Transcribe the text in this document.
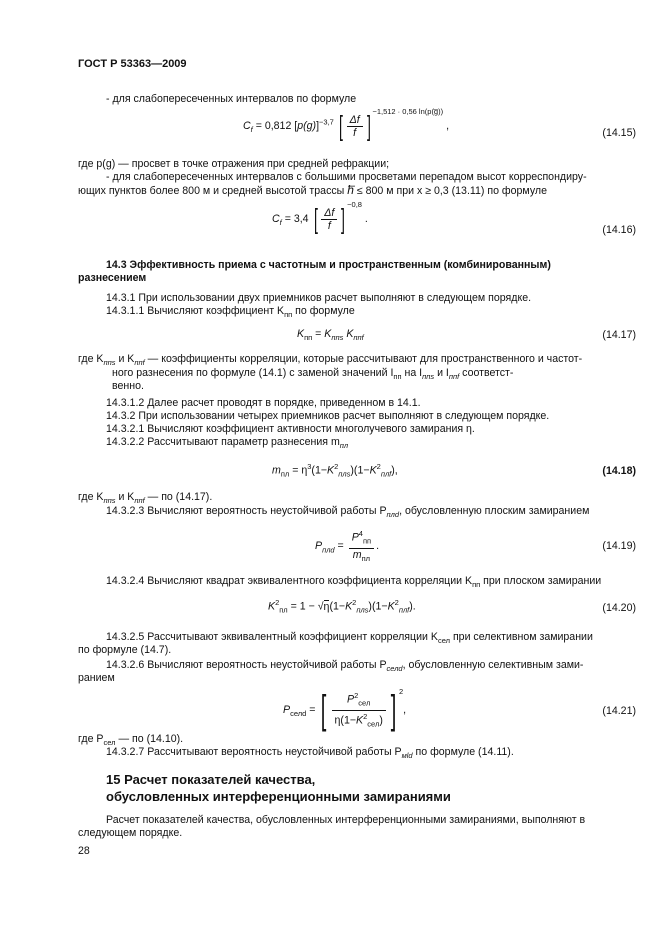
ГОСТ Р 53363—2009
- для слабопересеченных интервалов по формуле
$C_f = 0,812$ $[p(g)]^{-3,7}$ [ $\frac{\Delta f}{f}$ ] $^{-1,512 \cdot 0,56 ln(p(g̅))}$ ,
(14.15)
где p(g) — просвет в точке отражения при средней рефракции;
- для слабопересеченных интервалов с большими просветами перепадом высот корреспондиру-
ющих пунктов более 800 м и средней высотой трассы h̅ ≤ 800 м при x ≥ 0,3 (13.11) по формуле
$C_f = 3,4$ [ $\frac{\Delta f}{f}$ ] $^{-0,8}$ .
(14.16)
14.3 Эффективность приема с частотным и пространственным (комбинированным)
разнесением
14.3.1 При использовании двух приемников расчет выполняют в следующем порядке.
14.3.1.1 Вычисляют коэффициент $K_{пп}$ по формуле
$K_{пп} = K_{ппs}$ $K_{ппf}$	(14.17)
где $K_{ппs}$ и $K_{ппf}$ — коэффициенты корреляции, которые рассчитывают для пространственного и частот-
ного разнесения по формуле (14.1) с заменой значений $I_{пп}$ на $I_{ппs}$ и $I_{ппf}$ соответст-
венно.
14.3.1.2 Далее расчет проводят в порядке, приведенном в 14.1.
14.3.2 При использовании четырех приемников расчет выполняют в следующем порядке.
14.3.2.1 Вычисляют коэффициент активности многолучевого замирания η.
14.3.2.2 Рассчитывают параметр разнесения $m_{пл}$
$m_{пл} = \eta^3(1-K^2_{плs})(1-K^2_{плf})$,	(14.18)
где $K_{ппs}$ и $K_{ппf}$ — по (14.17).
14.3.2.3 Вычисляют вероятность неустойчивой работы $P_{плd}$, обусловленную плоским замиранием
$P_{плd} = \frac{P^4_{пп}}{m_{пл}}$ .	(14.19)
14.3.2.4 Вычисляют квадрат эквивалентного коэффициента корреляции $K_{пп}$ при плоском замирании
$K^2_{пл} = 1 - √\eta(1-K^2_{плs})(1-K^2_{плf})$.	(14.20)
14.3.2.5 Рассчитывают эквивалентный коэффициент корреляции $K_{сел}$ при селективном замирании
по формуле (14.7).
14.3.2.6 Вычисляют вероятность неустойчивой работы $P_{селd}$, обусловленную селективным зами-
ранием
$P_{селd}$ = [ $\frac{P^2_{сел}}{\eta(1-K^2_{сел})}$ ] $^2$,	(14.21)
где $P_{сел}$ — по (14.10).
14.3.2.7 Рассчитывают вероятность неустойчивой работы $P_{мld}$ по формуле (14.11).
15 Расчет показателей качества,
обусловленных интерференционными замираниями
Расчет показателей качества, обусловленных интерференционными замираниями, выполняют в
следующем порядке.
28
